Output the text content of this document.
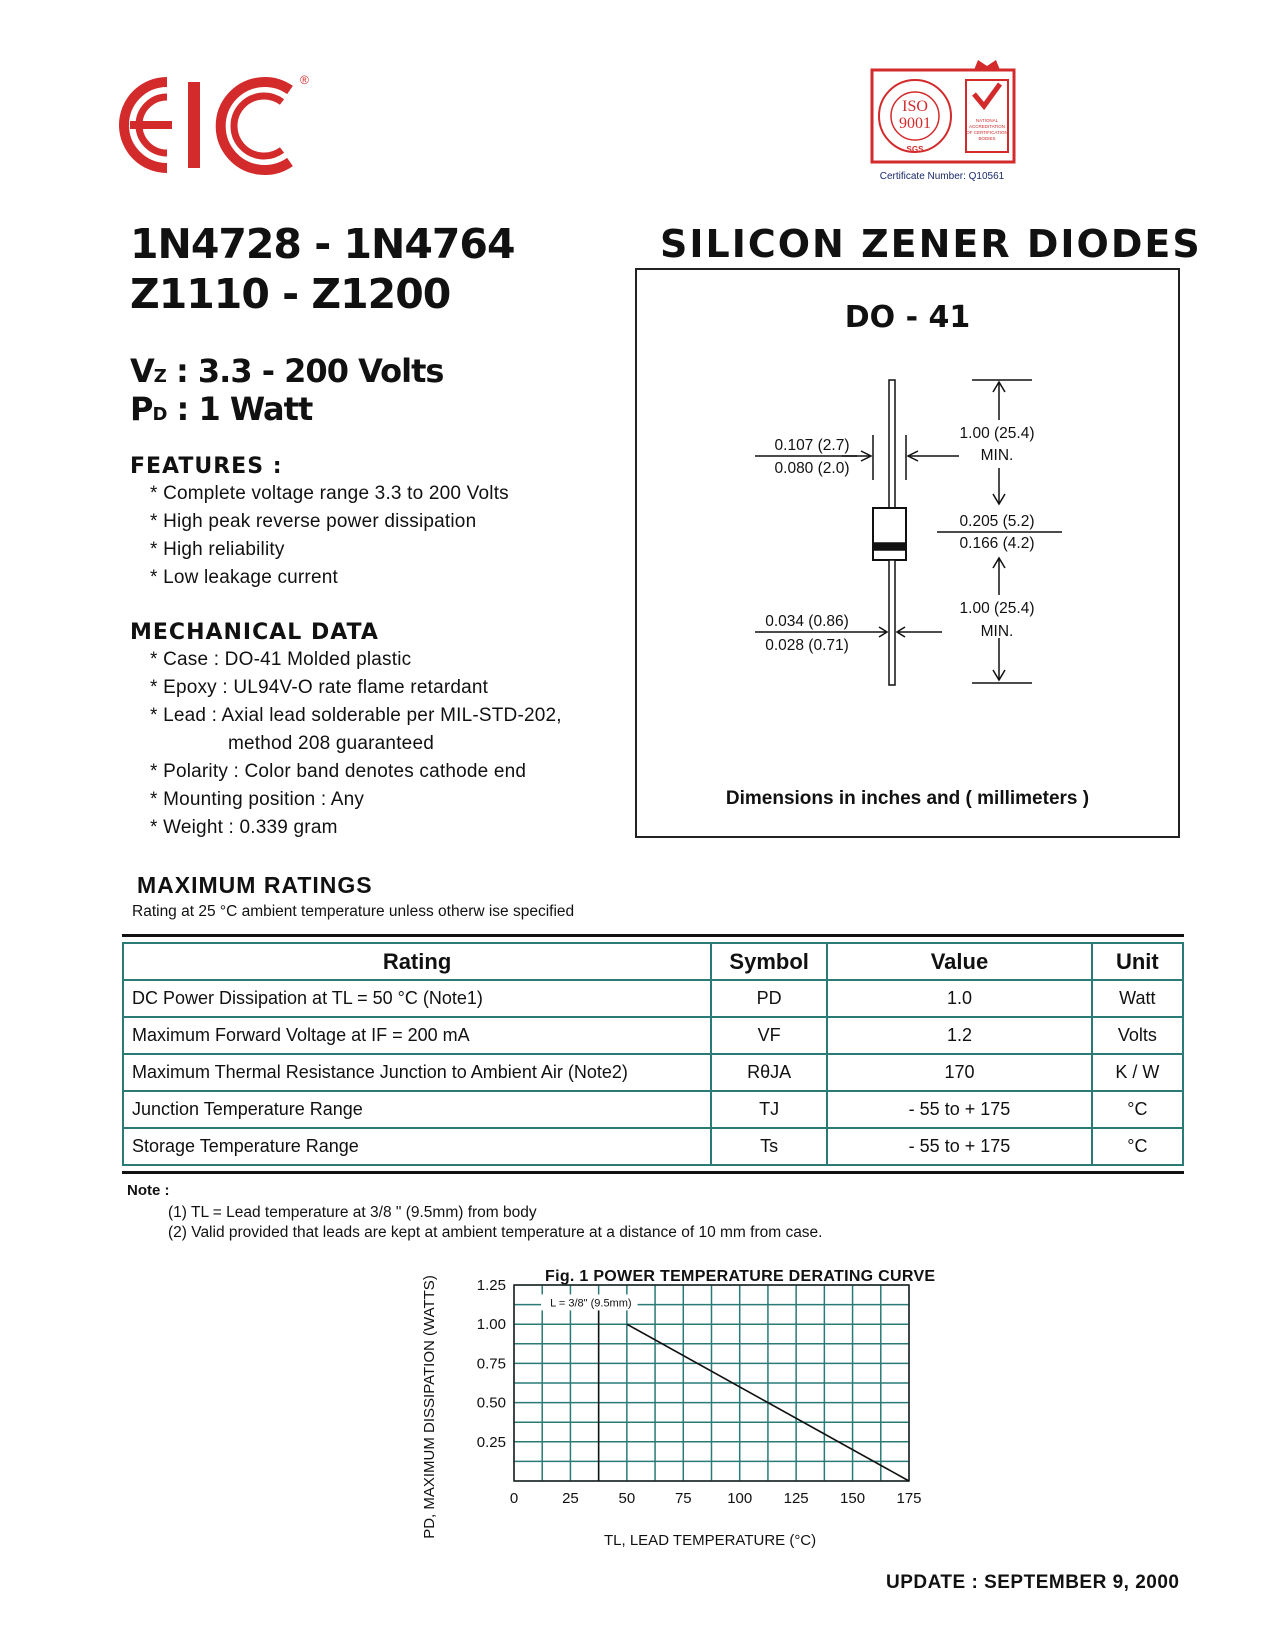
®
ISO
9001
SGS
NATIONAL
ACCREDITATION
OF CERTIFICATION
BODIES
Certificate Number: Q10561
1N4728 - 1N4764
Z1110 - Z1200
SILICON ZENER DIODES
VZ : 3.3 - 200 Volts
PD : 1 Watt
FEATURES :
* Complete voltage range 3.3 to 200 Volts
* High peak reverse power dissipation
* High reliability
* Low leakage current
MECHANICAL DATA
* Case : DO-41 Molded plastic
* Epoxy : UL94V-O rate flame retardant
* Lead : Axial lead solderable per MIL-STD-202,
method 208 guaranteed
* Polarity : Color band denotes cathode end
* Mounting position : Any
* Weight : 0.339 gram
DO - 41
1.00 (25.4)
MIN.
0.107 (2.7)
0.080 (2.0)
0.205 (5.2)
0.166 (4.2)
1.00 (25.4)
MIN.
0.034 (0.86)
0.028 (0.71)
Dimensions in inches and ( millimeters )
MAXIMUM RATINGS
Rating at 25 °C ambient temperature unless otherw ise specified
Rating	Symbol	Value	Unit
DC Power Dissipation at TL = 50 °C (Note1)	PD	1.0	Watt
Maximum Forward Voltage at IF = 200 mA	VF	1.2	Volts
Maximum Thermal Resistance Junction to Ambient Air (Note2)	RθJA	170	K / W
Junction Temperature Range	TJ	- 55 to + 175	°C
Storage Temperature Range	Ts	- 55 to + 175	°C
Note :
(1) TL = Lead temperature at 3/8 " (9.5mm) from body
(2) Valid provided that leads are kept at ambient temperature at a distance of 10 mm from case.
Fig. 1 POWER TEMPERATURE DERATING CURVE
0	25	50	75 100 125 150 175
1.25
1.00
0.75
0.50
0.25
L = 3/8" (9.5mm)
TL, LEAD TEMPERATURE (°C)
PD, MAXIMUM DISSIPATION (WATTS)
UPDATE : SEPTEMBER 9, 2000
